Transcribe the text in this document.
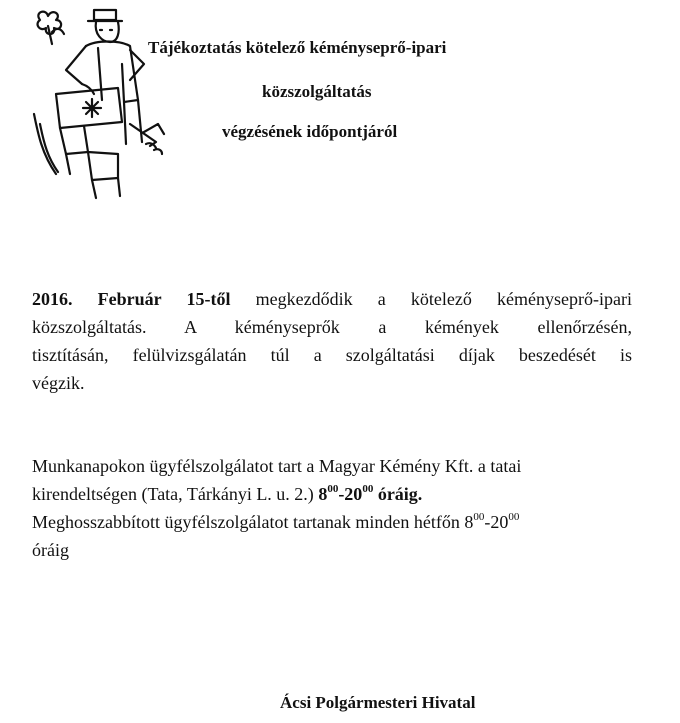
Tájékoztatás kötelező kéményseprő-ipari
közszolgáltatás
végzésének időpontjáról
2016. Február 15-től megkezdődik a kötelező kéményseprő-ipari
közszolgáltatás. A kéményseprők a kémények ellenőrzésén,
tisztításán, felülvizsgálatán túl a szolgáltatási díjak beszedését is
végzik.
Munkanapokon ügyfélszolgálatot tart a Magyar Kémény Kft. a tatai
kirendeltségen (Tata, Tárkányi L. u. 2.) $8^{00}-20^{00}$ óráig.
Meghosszabbított ügyfélszolgálatot tartanak minden hétfőn $8^{00}-20^{00}$
óráig
Ácsi Polgármesteri Hivatal
